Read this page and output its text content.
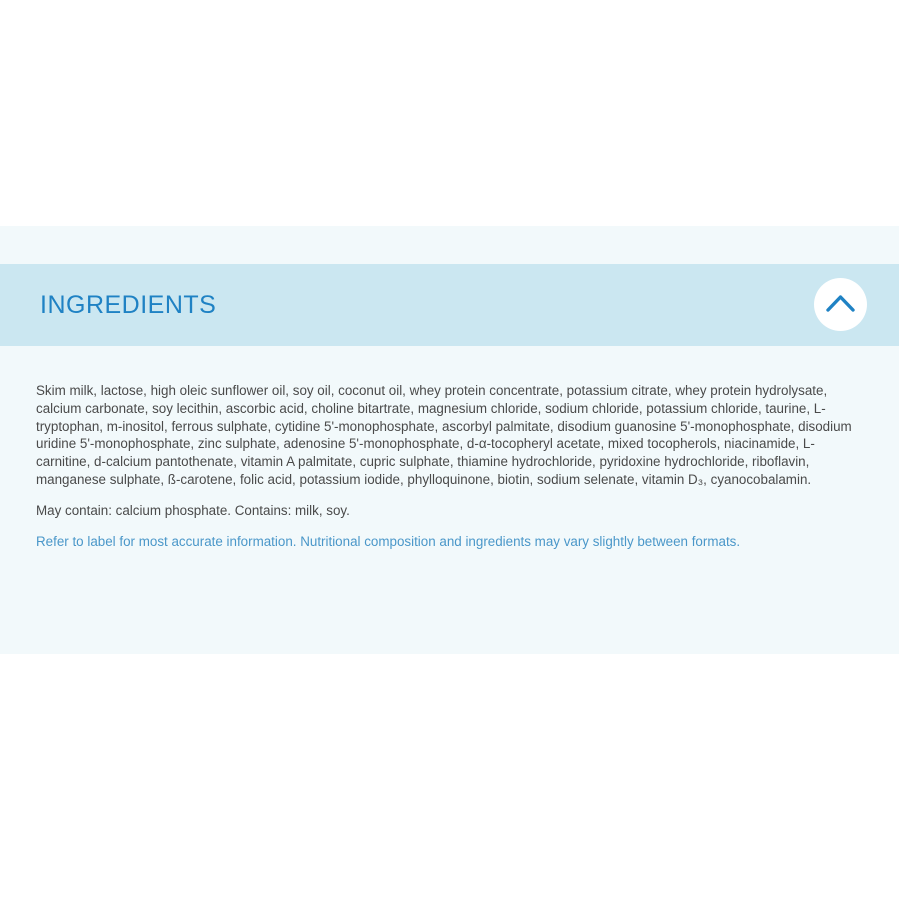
INGREDIENTS

Skim milk, lactose, high oleic sunflower oil, soy oil, coconut oil, whey protein concentrate, potassium citrate, whey protein hydrolysate, calcium carbonate, soy lecithin, ascorbic acid, choline bitartrate, magnesium chloride, sodium chloride, potassium chloride, taurine, L-tryptophan, m-inositol, ferrous sulphate, cytidine 5'-monophosphate, ascorbyl palmitate, disodium guanosine 5'-monophosphate, disodium uridine 5'-monophosphate, zinc sulphate, adenosine 5'-monophosphate, d-α-tocopheryl acetate, mixed tocopherols, niacinamide, L-carnitine, d-calcium pantothenate, vitamin A palmitate, cupric sulphate, thiamine hydrochloride, pyridoxine hydrochloride, riboflavin, manganese sulphate, ß-carotene, folic acid, potassium iodide, phylloquinone, biotin, sodium selenate, vitamin D₃, cyanocobalamin.

May contain: calcium phosphate. Contains: milk, soy.

Refer to label for most accurate information. Nutritional composition and ingredients may vary slightly between formats.
